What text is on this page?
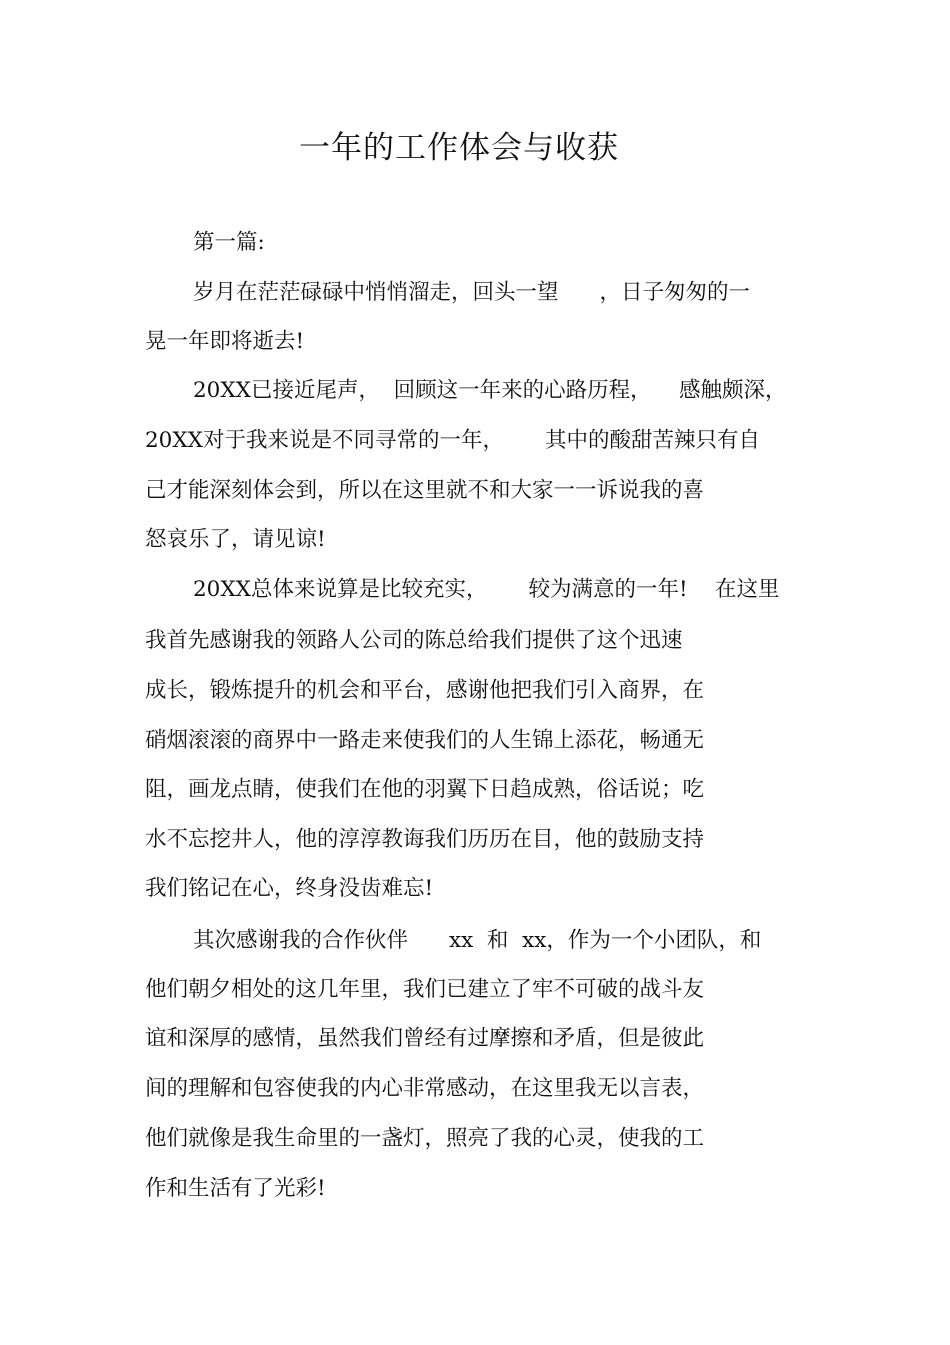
一年的工作体会与收获

第一篇:

岁月在茫茫碌碌中悄悄溜走，回头一望      ，日子匆匆的一

晃一年即将逝去!

20XX已接近尾声，  回顾这一年来的心路历程，    感触颇深，

20XX对于我来说是不同寻常的一年，      其中的酸甜苦辣只有自

己才能深刻体会到，所以在这里就不和大家一一诉说我的喜

怒哀乐了，请见谅!

20XX总体来说算是比较充实，      较为满意的一年!    在这里

我首先感谢我的领路人公司的陈总给我们提供了这个迅速

成长，锻炼提升的机会和平台，感谢他把我们引入商界，在

硝烟滚滚的商界中一路走来使我们的人生锦上添花，畅通无

阻，画龙点睛，使我们在他的羽翼下日趋成熟，俗话说；吃

水不忘挖井人，他的淳淳教诲我们历历在目，他的鼓励支持

我们铭记在心，终身没齿难忘!

其次感谢我的合作伙伴      xx  和  xx，作为一个小团队，和

他们朝夕相处的这几年里，我们已建立了牢不可破的战斗友

谊和深厚的感情，虽然我们曾经有过摩擦和矛盾，但是彼此

间的理解和包容使我的内心非常感动，在这里我无以言表，

他们就像是我生命里的一盏灯，照亮了我的心灵，使我的工

作和生活有了光彩!
